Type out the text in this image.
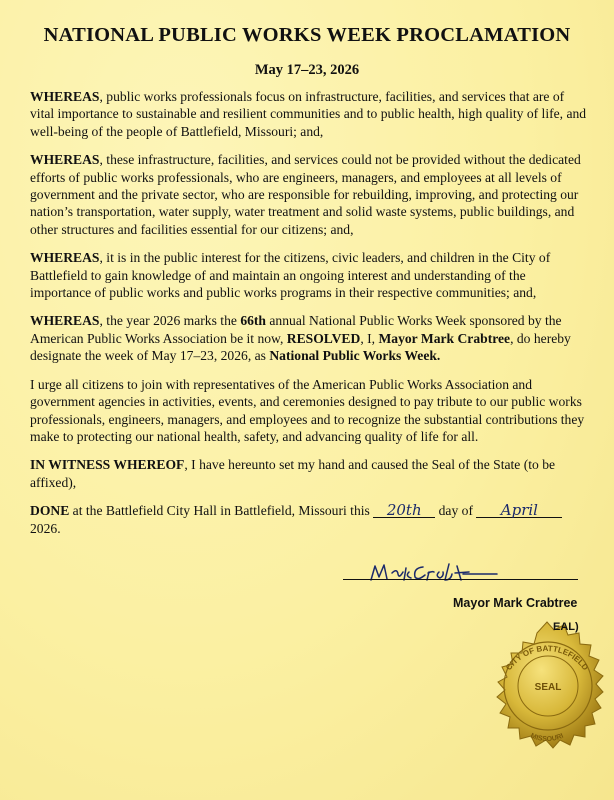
NATIONAL PUBLIC WORKS WEEK PROCLAMATION
May 17–23, 2026

WHEREAS, public works professionals focus on infrastructure, facilities, and services that are of vital importance to sustainable and resilient communities and to public health, high quality of life, and well-being of the people of Battlefield, Missouri; and,

WHEREAS, these infrastructure, facilities, and services could not be provided without the dedicated efforts of public works professionals, who are engineers, managers, and employees at all levels of government and the private sector, who are responsible for rebuilding, improving, and protecting our nation’s transportation, water supply, water treatment and solid waste systems, public buildings, and other structures and facilities essential for our citizens; and,

WHEREAS, it is in the public interest for the citizens, civic leaders, and children in the City of Battlefield to gain knowledge of and maintain an ongoing interest and understanding of the importance of public works and public works programs in their respective communities; and,

WHEREAS, the year 2026 marks the 66th annual National Public Works Week sponsored by the American Public Works Association be it now, RESOLVED, I, Mayor Mark Crabtree, do hereby designate the week of May 17–23, 2026, as National Public Works Week.

I urge all citizens to join with representatives of the American Public Works Association and government agencies in activities, events, and ceremonies designed to pay tribute to our public works professionals, engineers, managers, and employees and to recognize the substantial contributions they make to protecting our national health, safety, and advancing quality of life for all.

IN WITNESS WHEREOF, I have hereunto set my hand and caused the Seal of the State (to be affixed),

DONE at the Battlefield City Hall in Battlefield, Missouri this 20th day of April
2026.

Mayor Mark Crabtree
CITY OF BATTLEFIELD
MISSOURI
SEAL
EAL)
